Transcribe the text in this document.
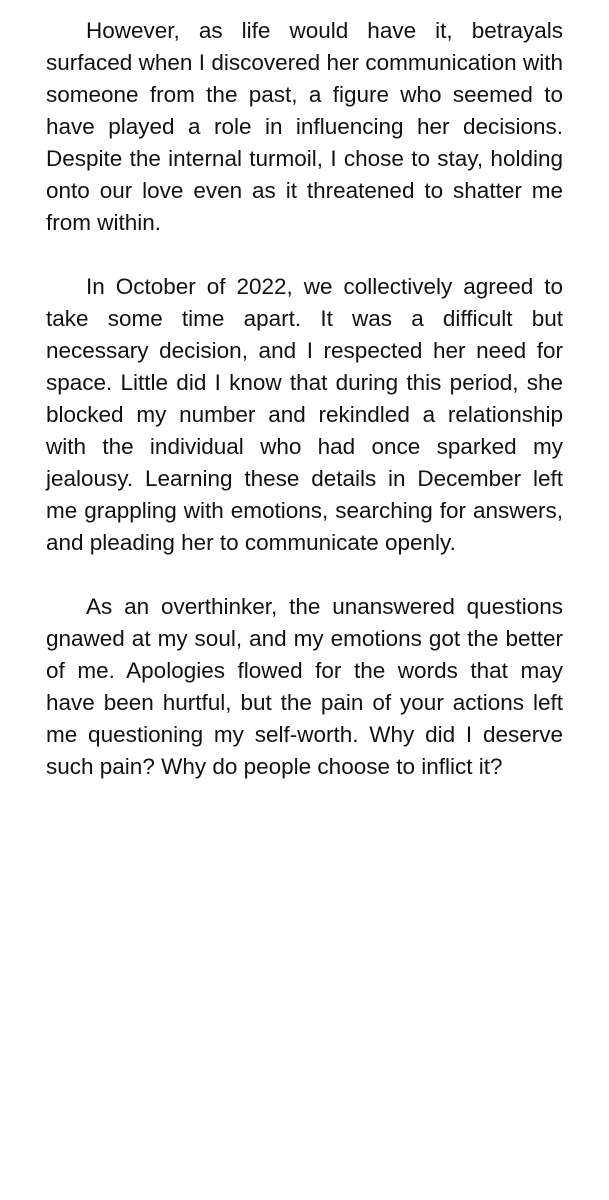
However, as life would have it, betrayals surfaced when I discovered her communication with someone from the past, a figure who seemed to have played a role in influencing her decisions. Despite the internal turmoil, I chose to stay, holding onto our love even as it threatened to shatter me from within.

In October of 2022, we collectively agreed to take some time apart. It was a difficult but necessary decision, and I respected her need for space. Little did I know that during this period, she blocked my number and rekindled a relationship with the individual who had once sparked my jealousy. Learning these details in December left me grappling with emotions, searching for answers, and pleading her to communicate openly.

As an overthinker, the unanswered questions gnawed at my soul, and my emotions got the better of me. Apologies flowed for the words that may have been hurtful, but the pain of your actions left me questioning my self-worth. Why did I deserve such pain? Why do people choose to inflict it?
